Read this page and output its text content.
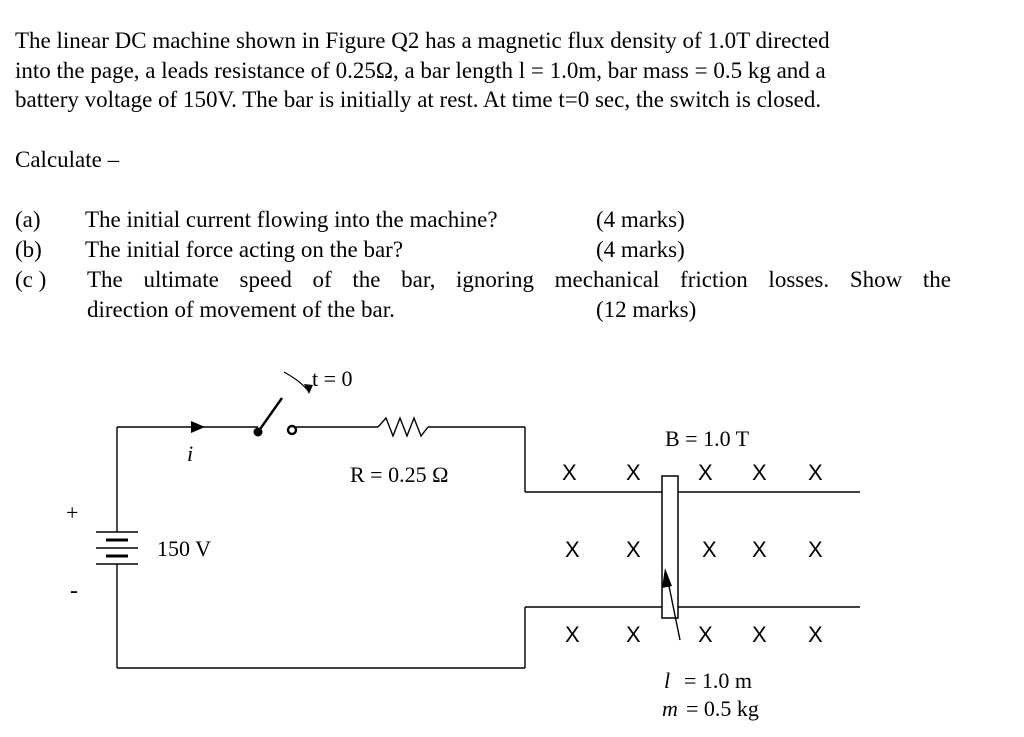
The linear DC machine shown in Figure Q2 has a magnetic flux density of 1.0T directed
into the page, a leads resistance of 0.25Ω, a bar length l = 1.0m, bar mass = 0.5 kg and a
battery voltage of 150V. The bar is initially at rest. At time t=0 sec, the switch is closed.
Calculate –
(a) The initial current flowing into the machine?	(4 marks)
(b) The initial force acting on the bar?	(4 marks)
(c ) The ultimate speed of the bar, ignoring mechanical friction losses. Show the
direction of movement of the bar.	(12 marks)
t = 0
i
R = 0.25 Ω
+
-
150 V
B = 1.0 T
X X	X X X
X X	X X X
X X	X X X
l = 1.0 m
m = 0.5 kg
